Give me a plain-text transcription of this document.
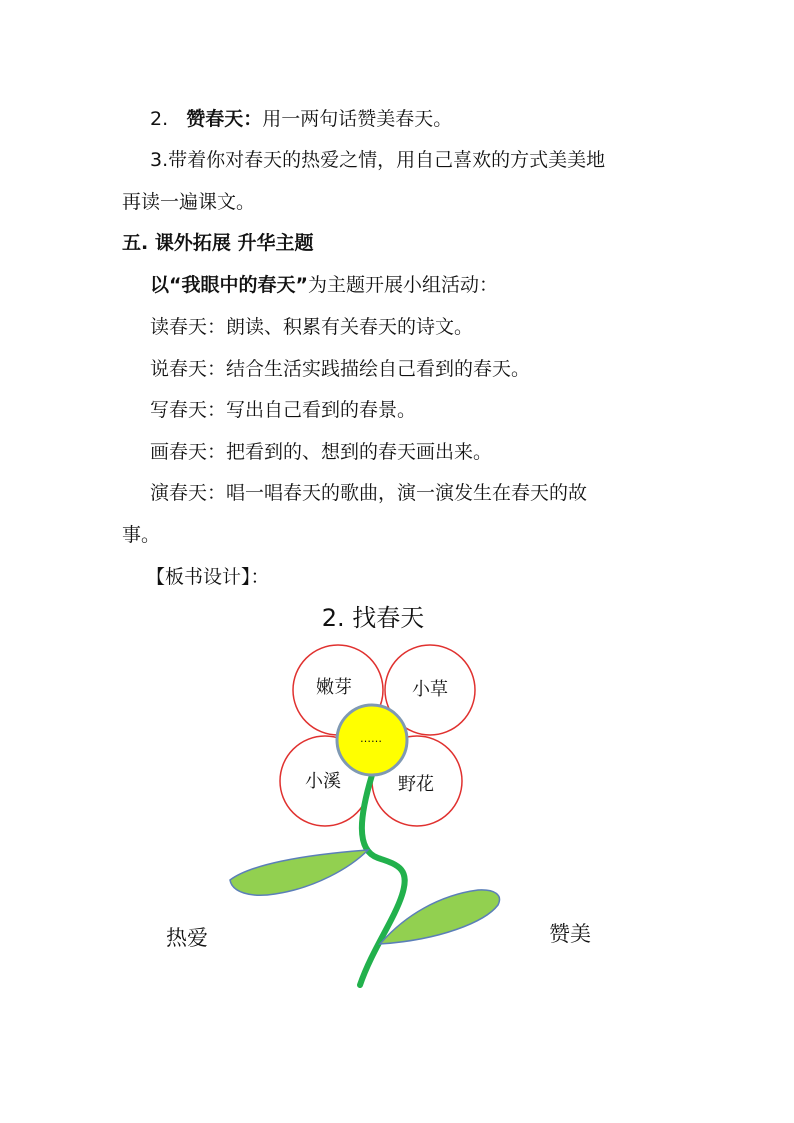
2. 赞春天：用一两句话赞美春天。
3.带着你对春天的热爱之情，用自己喜欢的方式美美地
再读一遍课文。
五. 课外拓展 升华主题
以“我眼中的春天”为主题开展小组活动：
读春天：朗读、积累有关春天的诗文。
说春天：结合生活实践描绘自己看到的春天。
写春天：写出自己看到的春景。
画春天：把看到的、想到的春天画出来。
演春天：唱一唱春天的歌曲，演一演发生在春天的故
事。
【板书设计】：
2. 找春天
嫩芽	小草
小溪	野花
……
热爱	赞美
